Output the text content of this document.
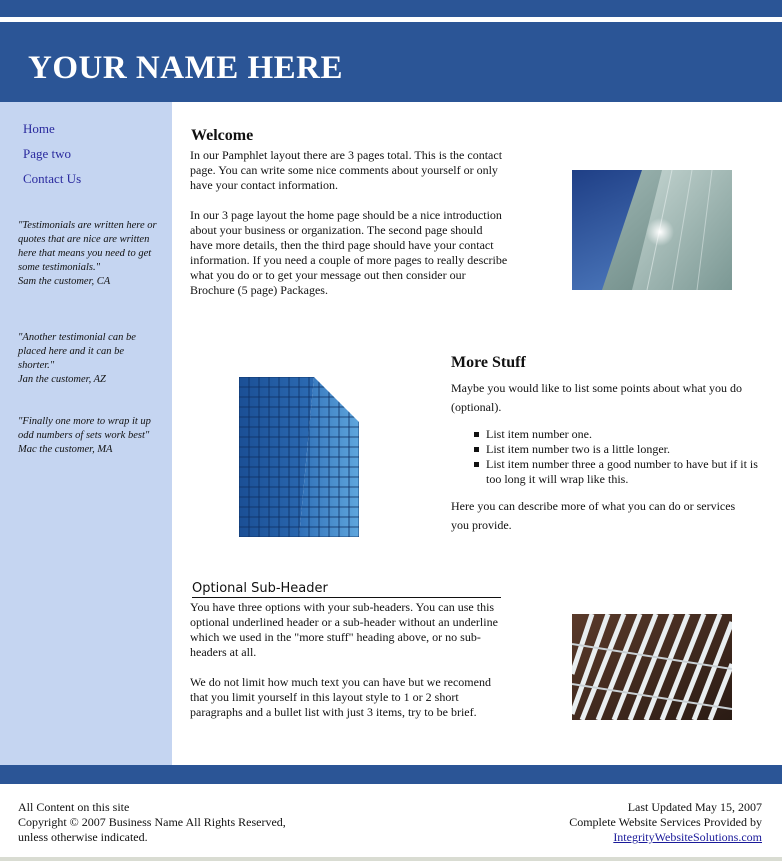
YOUR NAME HERE
Home
Page two
Contact Us
"Testimonials are written here or quotes that are nice are written here that means you need to get some testimonials."
Sam the customer, CA
"Another testimonial can be placed here and it can be shorter."
Jan the customer, AZ
"Finally one more to wrap it up odd numbers of sets work best"
Mac the customer, MA
Welcome
In our Pamphlet layout there are 3 pages total. This is the contact page. You can write some nice comments about yourself or only have your contact information.
In our 3 page layout the home page should be a nice introduction about your business or organization. The second page should have more details, then the third page should have your contact information. If you need a couple of more pages to really describe what you do or to get your message out then consider our Brochure (5 page) Packages.
More Stuff
Maybe you would like to list some points about what you do (optional).
List item number one.
List item number two is a little longer.
List item number three a good number to have but if it is too long it will wrap like this.
Here you can describe more of what you can do or services you provide.
Optional Sub-Header
You have three options with your sub-headers. You can use this optional underlined header or a sub-header without an underline which we used in the "more stuff" heading above, or no sub-headers at all.
We do not limit how much text you can have but we recomend that you limit yourself in this layout style to 1 or 2 short paragraphs and a bullet list with just 3 items, try to be brief.
All Content on this site
Copyright © 2007 Business Name All Rights Reserved,
unless otherwise indicated.
Last Updated May 15, 2007
Complete Website Services Provided by
IntegrityWebsiteSolutions.com
